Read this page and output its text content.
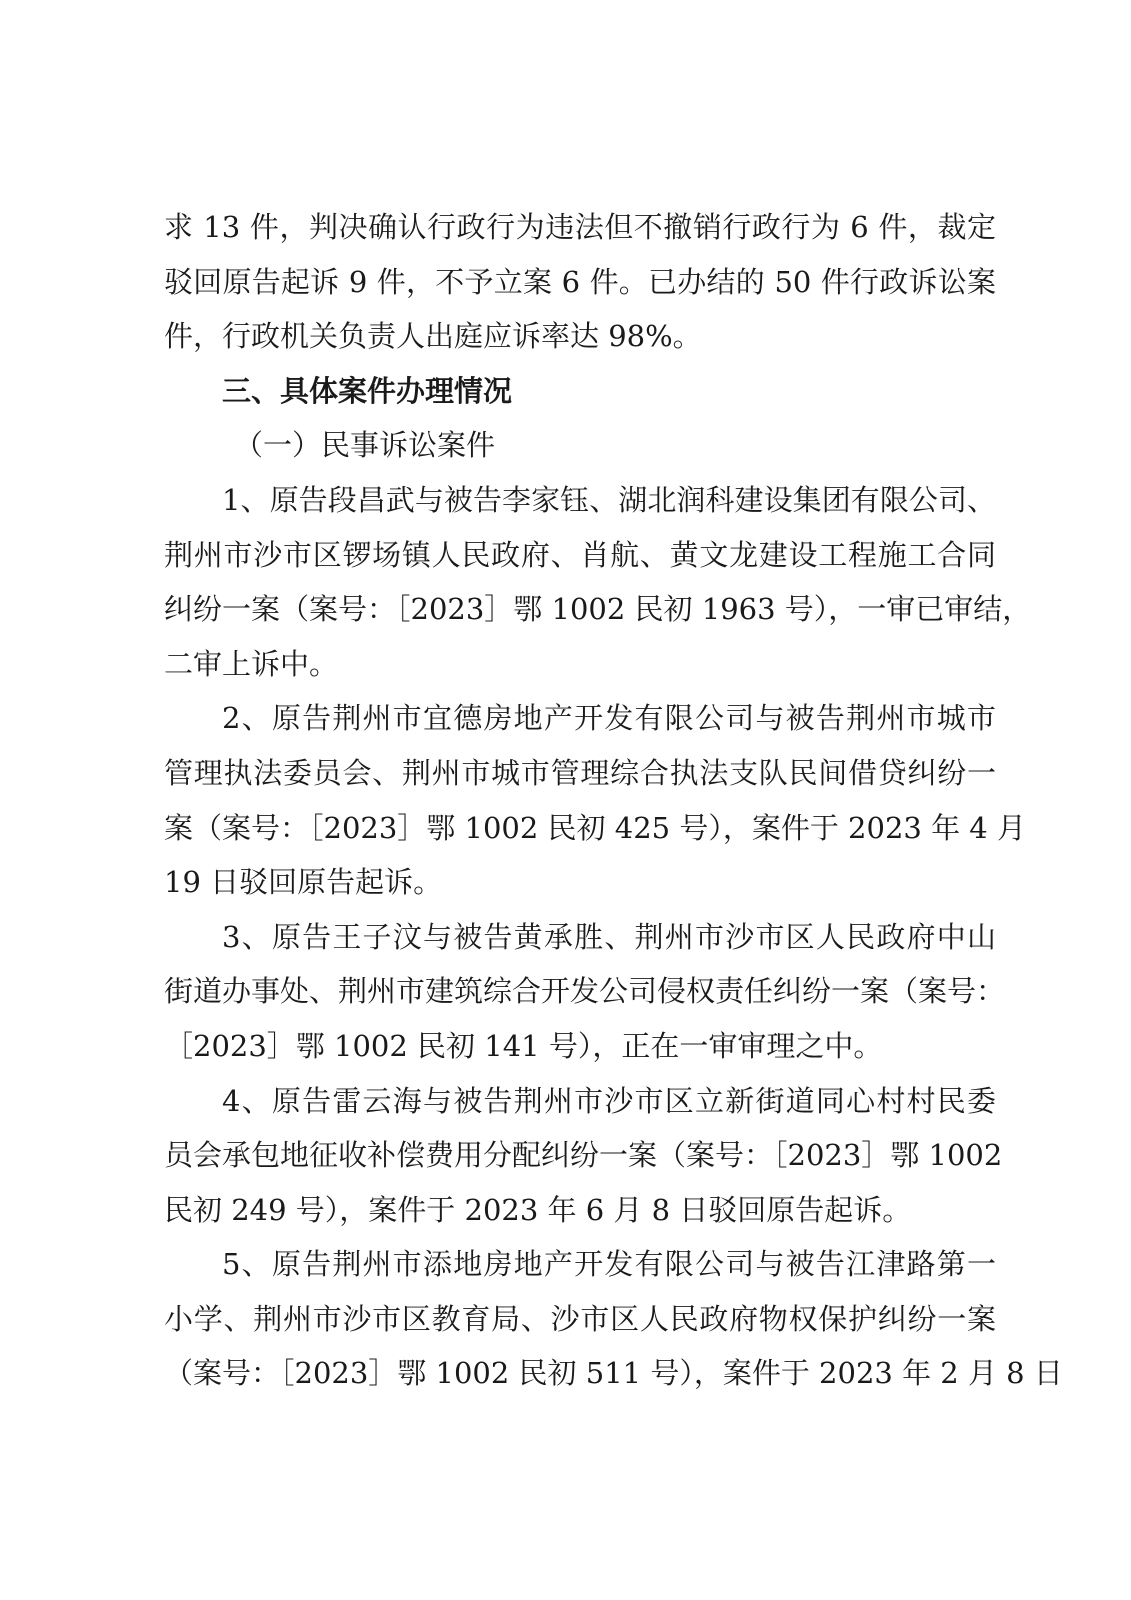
求 13 件，判决确认行政行为违法但不撤销行政行为 6 件，裁定
驳回原告起诉 9 件，不予立案 6 件。已办结的 50 件行政诉讼案
件，行政机关负责人出庭应诉率达 98%。
三、具体案件办理情况
（一）民事诉讼案件
1、原告段昌武与被告李家钰、湖北润科建设集团有限公司、
荆州市沙市区锣场镇人民政府、肖航、黄文龙建设工程施工合同
纠纷一案（案号：［2023］鄂 1002 民初 1963 号），一审已审结，
二审上诉中。
2、原告荆州市宜德房地产开发有限公司与被告荆州市城市
管理执法委员会、荆州市城市管理综合执法支队民间借贷纠纷一
案（案号：［2023］鄂 1002 民初 425 号），案件于 2023 年 4 月
19 日驳回原告起诉。
3、原告王子汶与被告黄承胜、荆州市沙市区人民政府中山
街道办事处、荆州市建筑综合开发公司侵权责任纠纷一案（案号：
［2023］鄂 1002 民初 141 号），正在一审审理之中。
4、原告雷云海与被告荆州市沙市区立新街道同心村村民委
员会承包地征收补偿费用分配纠纷一案（案号：［2023］鄂 1002
民初 249 号），案件于 2023 年 6 月 8 日驳回原告起诉。
5、原告荆州市添地房地产开发有限公司与被告江津路第一
小学、荆州市沙市区教育局、沙市区人民政府物权保护纠纷一案
（案号：［2023］鄂 1002 民初 511 号），案件于 2023 年 2 月 8 日
